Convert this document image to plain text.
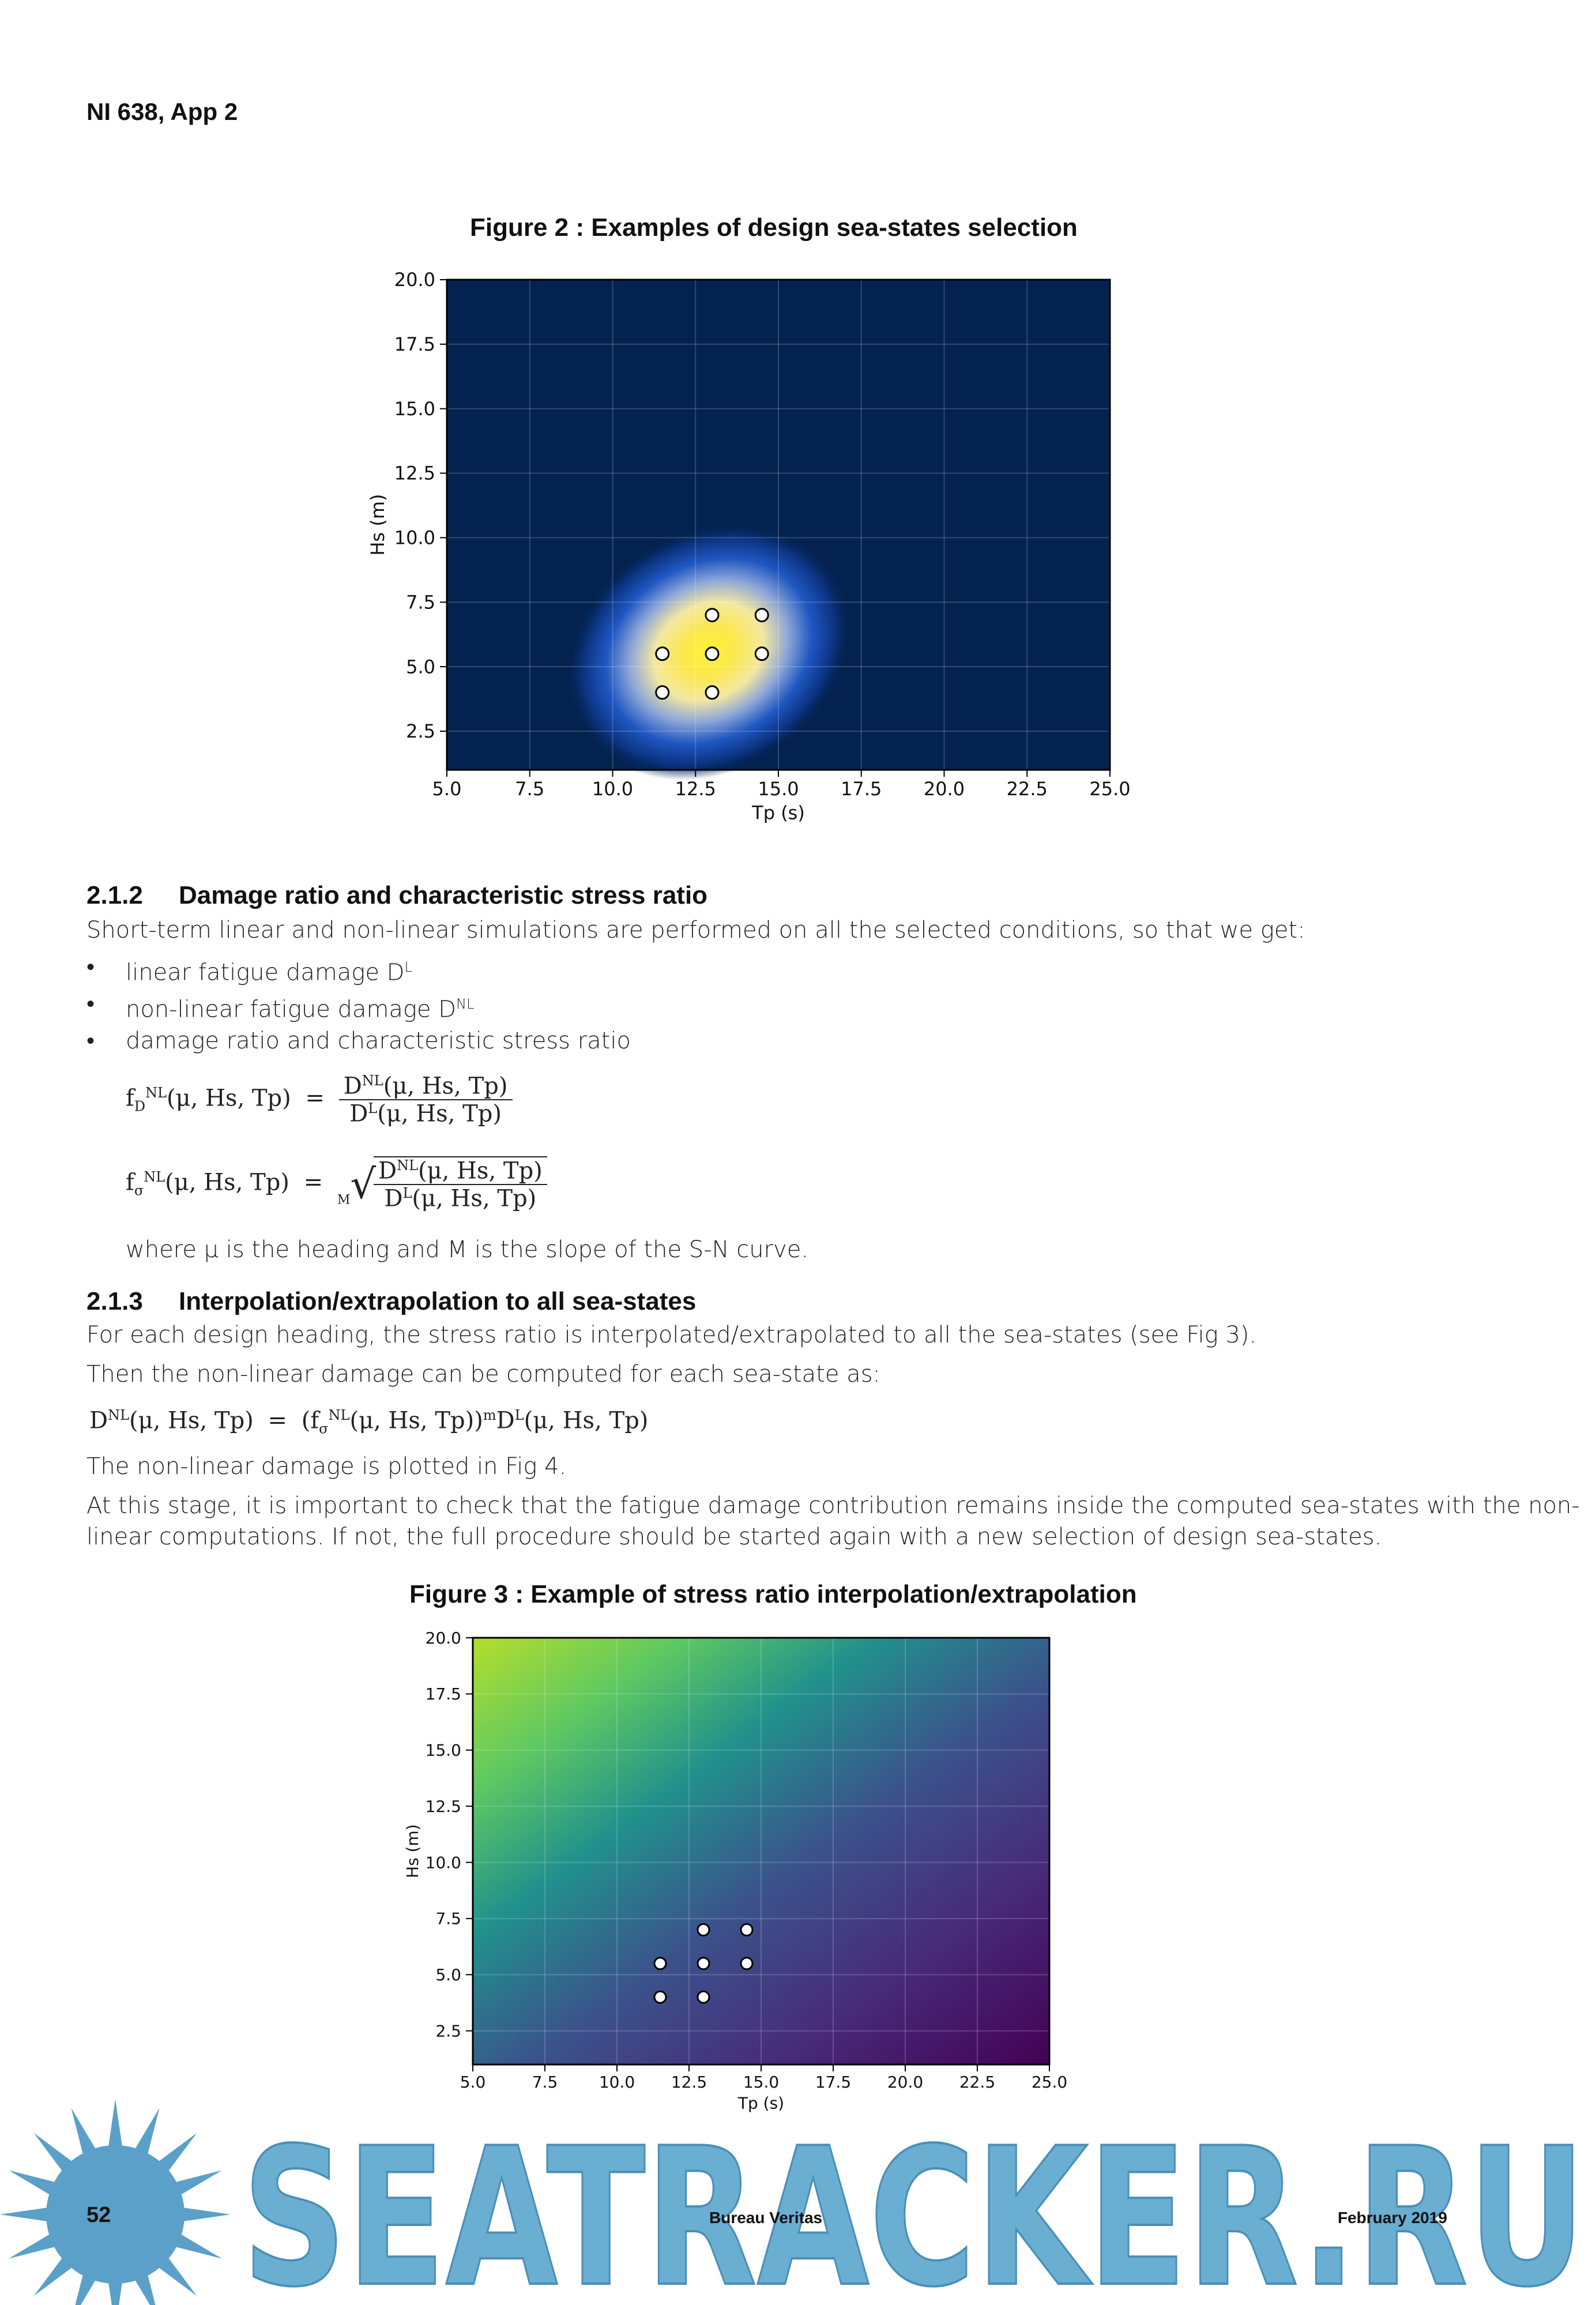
NI 638, App 2
Figure 2 : Examples of design sea-states selection
5.0	7.5	10.0 12.5 15.0 17.5 20.0 22.5 25.0
2.5
5.0
7.5
10.0
12.5
15.0
17.5
20.0
Tp (s)
Hs (m)
2.1.2 Damage ratio and characteristic stress ratio
Short-term linear and non-linear simulations are performed on all the selected conditions, so that we get:
• linear fatigue damage $D^L$
• non-linear fatigue damage $D^{NL}$
• damage ratio and characteristic stress ratio
$f_D^{NL}(\mu$, Hs, $Tp) = \frac{D^{NL}(\mu, Hs, Tp)}{D^L(\mu, Hs, Tp)}$
$f_\sigma^{NL}(\mu$, Hs, Tp) = $_M$√
$\frac{D^{NL}(\mu, Hs, Tp)}{D^L(\mu, Hs, Tp)}$
where μ is the heading and M is the slope of the S-N curve.
2.1.3 Interpolation/extrapolation to all sea-states
For each design heading, the stress ratio is interpolated/extrapolated to all the sea-states (see Fig 3).
Then the non-linear damage can be computed for each sea-state as:
$D^{NL}(\mu$, Hs, $Tp) = (f_\sigma^{NL}(\mu$, Hs, $Tp))^mD^L(\mu$, Hs, Tp)
The non-linear damage is plotted in Fig 4.
At this stage, it is important to check that the fatigue damage contribution remains inside the computed sea-states with the non-
linear computations. If not, the full procedure should be started again with a new selection of design sea-states.
Figure 3 : Example of stress ratio interpolation/extrapolation
5.0	7.5	10.0 12.5 15.0 17.5 20.0 22.5 25.0
2.5
5.0
7.5
10.0
12.5
15.0
17.5
20.0
Tp (s)
Hs (m)
SEATRACKER.RU
52	Bureau Veritas	February 2019
